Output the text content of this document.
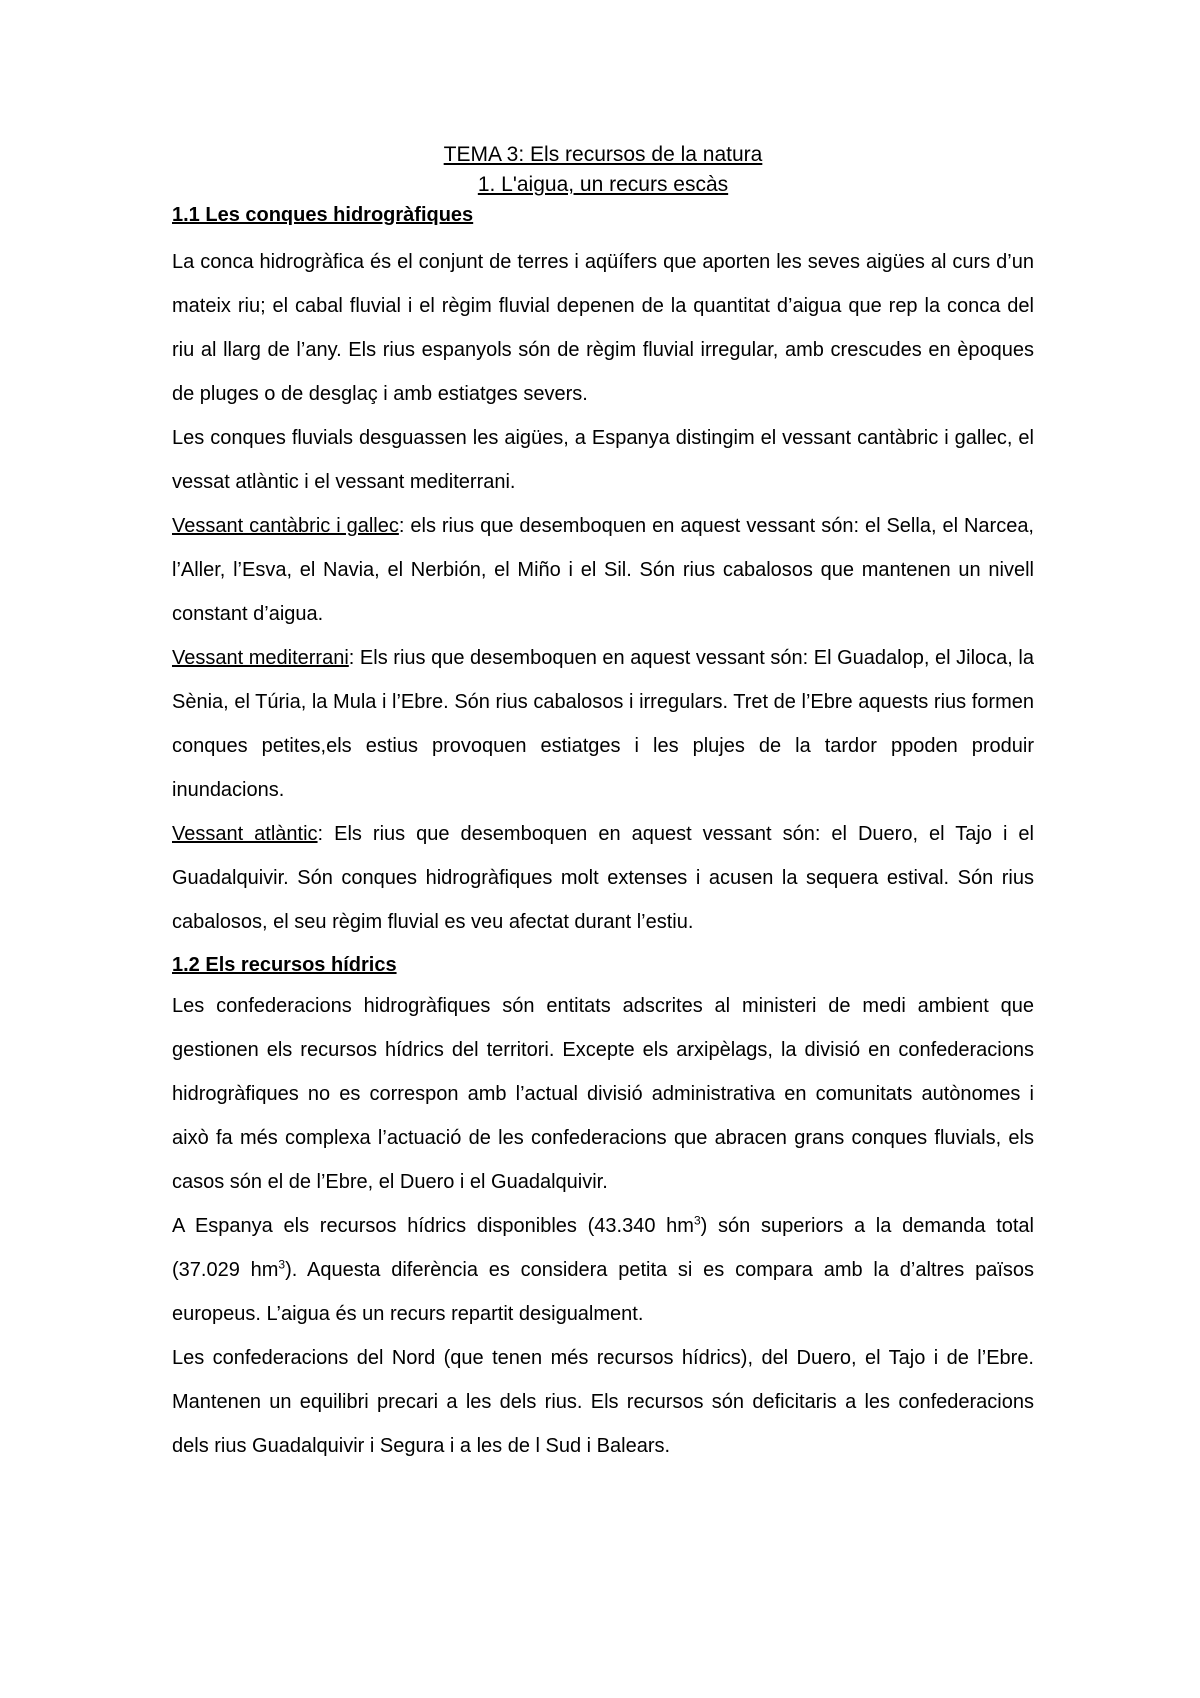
TEMA 3: Els recursos de la natura

1. L'aigua, un recurs escàs

1.1 Les conques hidrogràfiques

La conca hidrogràfica és el conjunt de terres i aqüífers que aporten les seves aigües al curs d’un mateix riu; el cabal fluvial i el règim fluvial depenen de la quantitat d’aigua que rep la conca del riu al llarg de l’any. Els rius espanyols són de règim fluvial irregular, amb crescudes en èpoques de pluges o de desglaç i amb estiatges severs.

Les conques fluvials desguassen les aigües, a Espanya distingim el vessant cantàbric i gallec, el vessat atlàntic i el vessant mediterrani.

Vessant cantàbric i gallec: els rius que desemboquen en aquest vessant són: el Sella, el Narcea, l’Aller, l’Esva, el Navia, el Nerbión, el Miño i el Sil. Són rius cabalosos que mantenen un nivell constant d’aigua.

Vessant mediterrani: Els rius que desemboquen en aquest vessant són: El Guadalop, el Jiloca, la Sènia, el Túria, la Mula i l’Ebre. Són rius cabalosos i irregulars. Tret de l’Ebre aquests rius formen conques petites,els estius provoquen estiatges i les plujes de la tardor ppoden produir inundacions.

Vessant atlàntic: Els rius que desemboquen en aquest vessant són: el Duero, el Tajo i el Guadalquivir. Són conques hidrogràfiques molt extenses i acusen la sequera estival. Són rius cabalosos, el seu règim fluvial es veu afectat durant l’estiu.

1.2 Els recursos hídrics

Les confederacions hidrogràfiques són entitats adscrites al ministeri de medi ambient que gestionen els recursos hídrics del territori. Excepte els arxipèlags, la divisió en confederacions hidrogràfiques no es correspon amb l’actual divisió administrativa en comunitats autònomes i això fa més complexa l’actuació de les confederacions que abracen grans conques fluvials, els casos són el de l’Ebre, el Duero i el Guadalquivir.

A Espanya els recursos hídrics disponibles (43.340 $hm^3$) són superiors a la demanda total (37.029 $hm^3$). Aquesta diferència es considera petita si es compara amb la d’altres països europeus. L’aigua és un recurs repartit desigualment.

Les confederacions del Nord (que tenen més recursos hídrics), del Duero, el Tajo i de l’Ebre. Mantenen un equilibri precari a les dels rius. Els recursos són deficitaris a les confederacions dels rius Guadalquivir i Segura i a les de l Sud i Balears.
